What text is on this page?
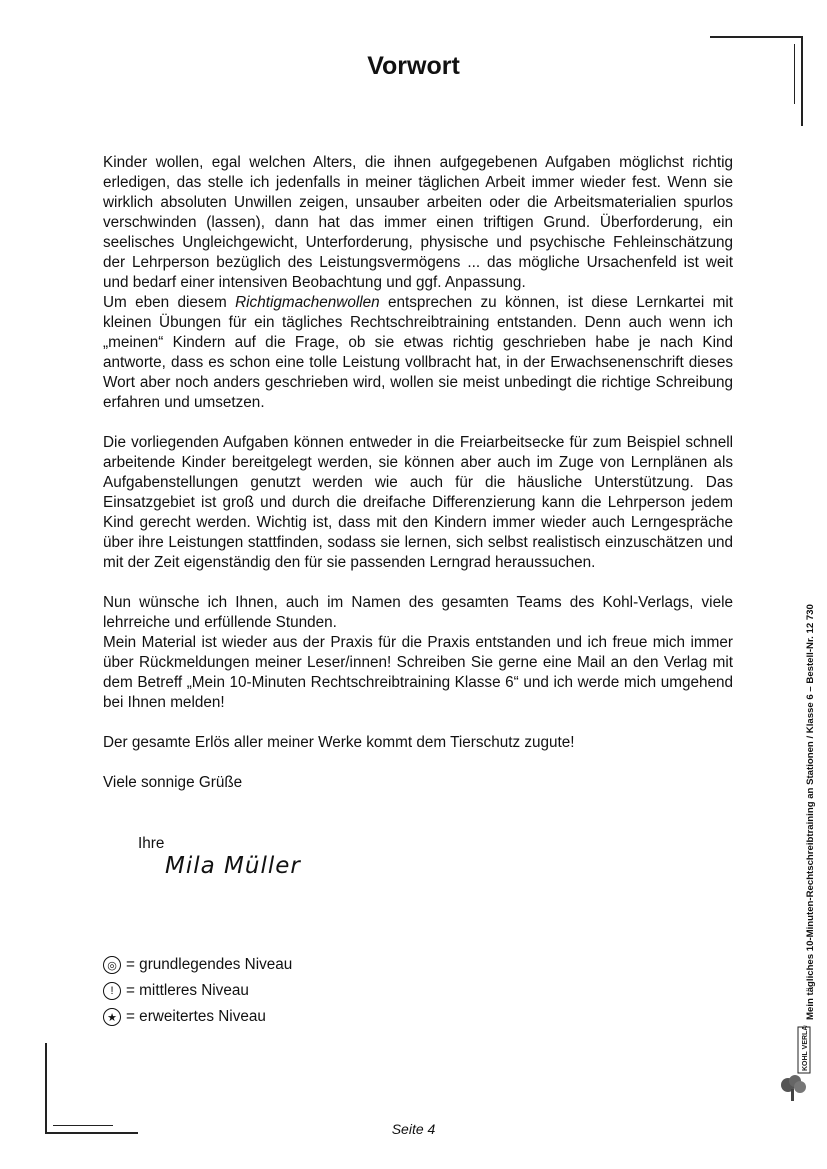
Vorwort

Kinder wollen, egal welchen Alters, die ihnen aufgegebenen Aufgaben möglichst richtig erledigen, das stelle ich jedenfalls in meiner täglichen Arbeit immer wieder fest. Wenn sie wirklich absoluten Unwillen zeigen, unsauber arbeiten oder die Arbeitsmaterialien spurlos verschwinden (lassen), dann hat das immer einen triftigen Grund. Überforderung, ein seelisches Ungleichgewicht, Unterforderung, physische und psychische Fehleinschätzung der Lehrperson bezüglich des Leistungsvermögens ... das mögliche Ursachenfeld ist weit und bedarf einer intensiven Beobachtung und ggf. Anpassung.

Um eben diesem Richtigmachenwollen entsprechen zu können, ist diese Lernkartei mit kleinen Übungen für ein tägliches Rechtschreibtraining entstanden. Denn auch wenn ich „meinen“ Kindern auf die Frage, ob sie etwas richtig geschrieben habe je nach Kind antworte, dass es schon eine tolle Leistung vollbracht hat, in der Erwachsenenschrift dieses Wort aber noch anders geschrieben wird, wollen sie meist unbedingt die richtige Schreibung erfahren und umsetzen.

Die vorliegenden Aufgaben können entweder in die Freiarbeitsecke für zum Beispiel schnell arbeitende Kinder bereitgelegt werden, sie können aber auch im Zuge von Lernplänen als Aufgabenstellungen genutzt werden wie auch für die häusliche Unterstützung. Das Einsatzgebiet ist groß und durch die dreifache Differenzierung kann die Lehrperson jedem Kind gerecht werden. Wichtig ist, dass mit den Kindern immer wieder auch Lerngespräche über ihre Leistungen stattfinden, sodass sie lernen, sich selbst realistisch einzuschätzen und mit der Zeit eigenständig den für sie passenden Lerngrad heraussuchen.

Nun wünsche ich Ihnen, auch im Namen des gesamten Teams des Kohl-Verlags, viele lehrreiche und erfüllende Stunden.

Mein Material ist wieder aus der Praxis für die Praxis entstanden und ich freue mich immer über Rückmeldungen meiner Leser/innen! Schreiben Sie gerne eine Mail an den Verlag mit dem Betreff „Mein 10-Minuten Rechtschreibtraining Klasse 6“ und ich werde mich umgehend bei Ihnen melden!

Der gesamte Erlös aller meiner Werke kommt dem Tierschutz zugute!

Viele sonnige Grüße

Ihre
Mila Müller
◎ = grundlegendes Niveau
! = mittleres Niveau
★ = erweitertes Niveau	Mein tägliches 10-Minuten-Rechtschreibtraining an Stationen / Klasse 6 – Bestell-Nr. 12 730
KOHL VERLAG
Seite 4
